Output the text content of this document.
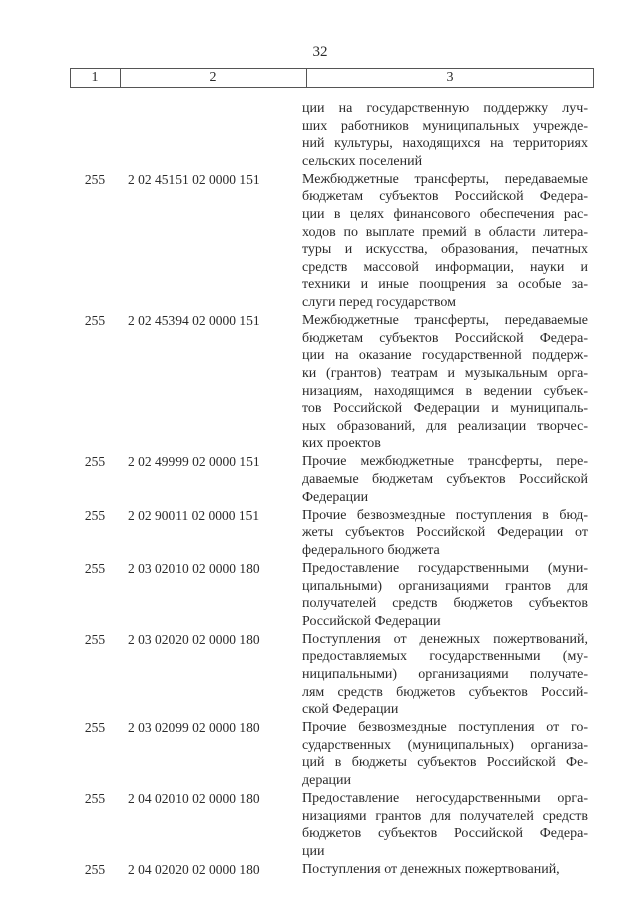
32
1	2	3
ции на государственную поддержку луч-
ших работников муниципальных учрежде-
ний культуры, находящихся на территориях
сельских поселений
255	2 02 45151 02 0000 151	Межбюджетные трансферты, передаваемые
бюджетам субъектов Российской Федера-
ции в целях финансового обеспечения рас-
ходов по выплате премий в области литера-
туры и искусства, образования, печатных
средств массовой информации, науки и
техники и иные поощрения за особые за-
слуги перед государством
255	2 02 45394 02 0000 151	Межбюджетные трансферты, передаваемые
бюджетам субъектов Российской Федера-
ции на оказание государственной поддерж-
ки (грантов) театрам и музыкальным орга-
низациям, находящимся в ведении субъек-
тов Российской Федерации и муниципаль-
ных образований, для реализации творчес-
ких проектов
255	2 02 49999 02 0000 151	Прочие межбюджетные трансферты, пере-
даваемые бюджетам субъектов Российской
Федерации
255	2 02 90011 02 0000 151	Прочие безвозмездные поступления в бюд-
жеты субъектов Российской Федерации от
федерального бюджета
255	2 03 02010 02 0000 180	Предоставление государственными (муни-
ципальными) организациями грантов для
получателей средств бюджетов субъектов
Российской Федерации
255	2 03 02020 02 0000 180	Поступления от денежных пожертвований,
предоставляемых государственными (му-
ниципальными) организациями получате-
лям средств бюджетов субъектов Россий-
ской Федерации
255	2 03 02099 02 0000 180	Прочие безвозмездные поступления от го-
сударственных (муниципальных) организа-
ций в бюджеты субъектов Российской Фе-
дерации
255	2 04 02010 02 0000 180	Предоставление негосударственными орга-
низациями грантов для получателей средств
бюджетов субъектов Российской Федера-
ции
255	2 04 02020 02 0000 180	Поступления от денежных пожертвований,
